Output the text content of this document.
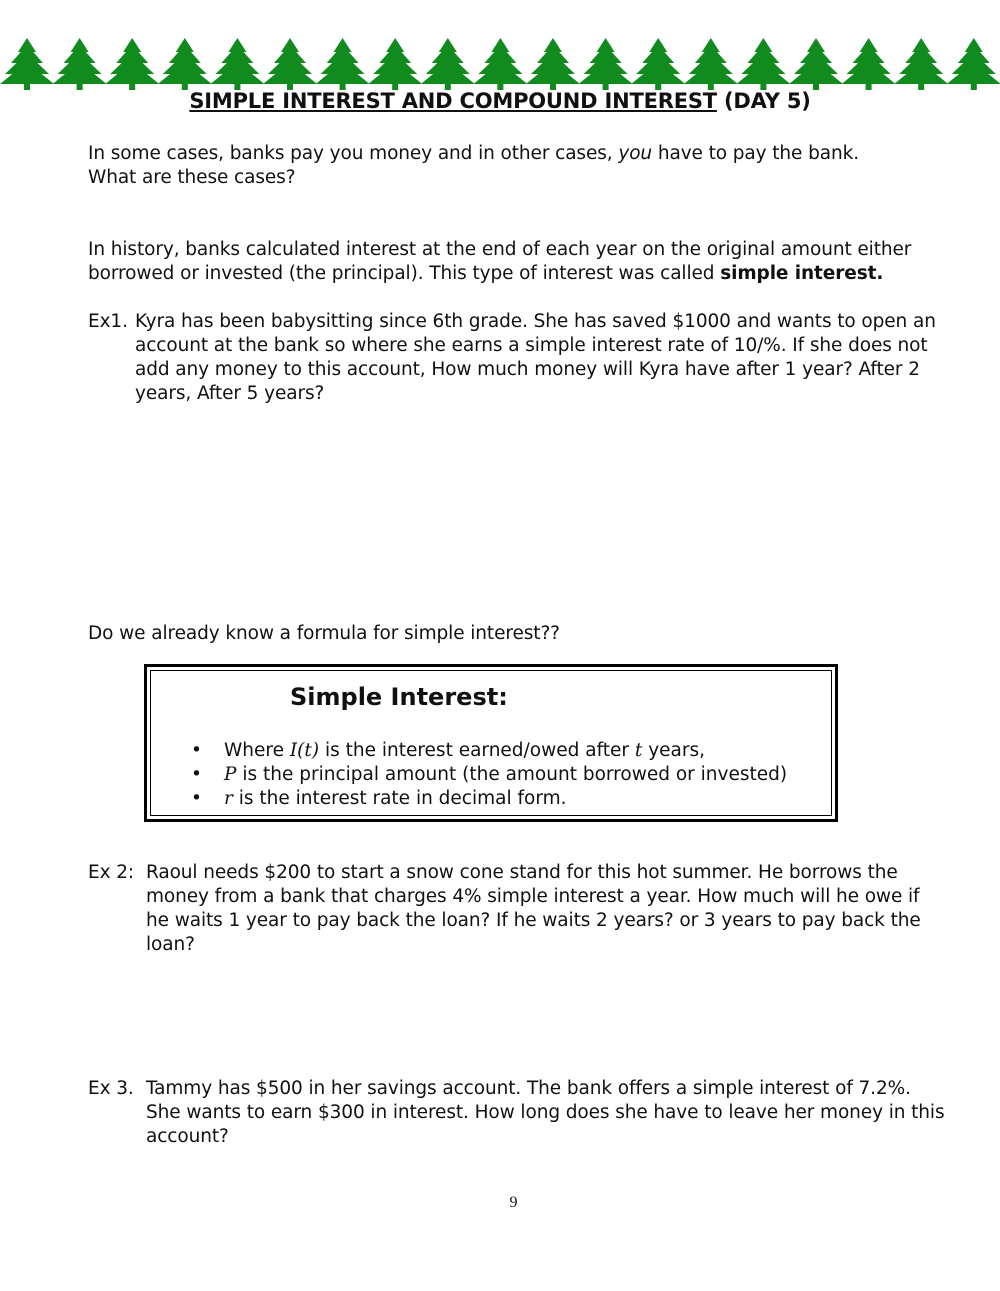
SIMPLE INTEREST AND COMPOUND INTEREST (DAY 5)
In some cases, banks pay you money and in other cases, you have to pay the bank.
What are these cases?
In history, banks calculated interest at the end of each year on the original amount either borrowed or invested (the principal). This type of interest was called simple interest.
Ex1. Kyra has been babysitting since 6th grade. She has saved $1000 and wants to open an account at the bank so where she earns a simple interest rate of 10/%. If she does not add any money to this account, How much money will Kyra have after 1 year? After 2 years, After 5 years?
Do we already know a formula for simple interest??
Simple Interest:
• Where I(t) is the interest earned/owed after t years,
• P is the principal amount (the amount borrowed or invested)
• r is the interest rate in decimal form.
Ex 2: Raoul needs $200 to start a snow cone stand for this hot summer. He borrows the money from a bank that charges 4% simple interest a year. How much will he owe if he waits 1 year to pay back the loan? If he waits 2 years? or 3 years to pay back the loan?
Ex 3. Tammy has $500 in her savings account. The bank offers a simple interest of 7.2%. She wants to earn $300 in interest. How long does she have to leave her money in this account?
9
